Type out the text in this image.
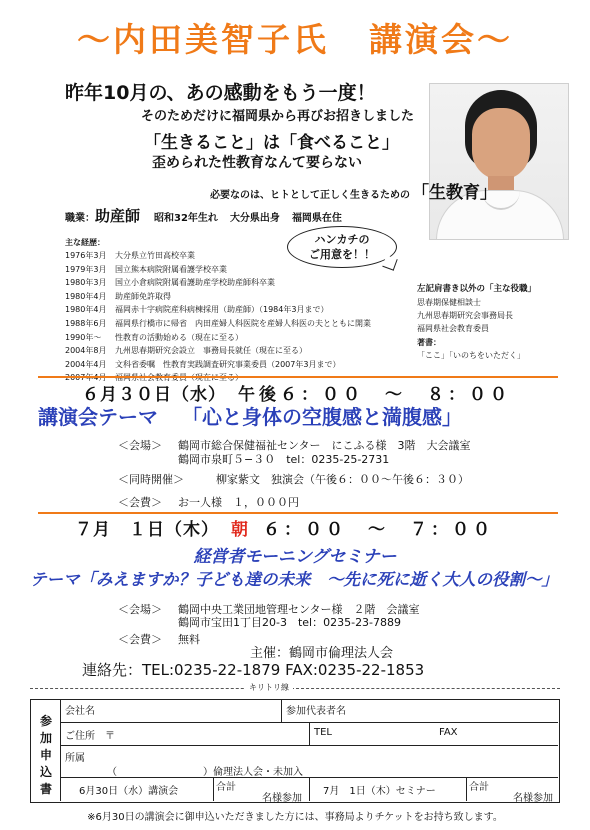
〜内田美智子氏 講演会〜
昨年10月の、あの感動をもう一度！
そのためだけに福岡県から再びお招きしました
「生きること」は「食べること」
歪められた性教育なんて要らない
必要なのは、ヒトとして正しく生きるための 「生教育」
職業：助産師 昭和32年生れ 大分県出身 福岡県在住
ハンカチの
ご用意を！！
主な経歴：
1976年3月 大分県立竹田高校卒業
1979年3月 国立熊本病院附属看護学校卒業
1980年3月 国立小倉病院附属看護助産学校助産師科卒業
1980年4月 助産師免許取得
1980年4月 福岡赤十字病院産科病棟採用（助産師）（1984年3月まで）
1988年6月 福岡県行橋市に帰省　内田産婦人科医院を産婦人科医の夫とともに開業
1990年〜 性教育の活動始める（現在に至る）
2004年8月 九州思春期研究会設立　事務局長就任（現在に至る）
2004年4月 文科省委嘱　性教育実践調査研究事業委員（2007年3月まで）
2007年4月 福岡県社会教育委員（現在に至る）
左記肩書き以外の「主な役職」
思春期保健相談士
九州思春期研究会事務局長
福岡県社会教育委員
著書：
「ここ」「いのちをいただく」
６月３０日（水） 午後６：００　〜　８：００
講演会テーマ 「心と身体の空腹感と満腹感」
＜会場＞ 鶴岡市総合保健福祉センター　にこふる様　3階　大会議室
鶴岡市泉町５−３０　tel：0235-25-2731
＜同時開催＞	柳家紫文　独演会（午後６：００〜午後６：３０）
＜会費＞ お一人様　１，０００円
７月　１日（木） 朝 ６：００　〜　７：００
経営者モーニングセミナー
テーマ「みえますか？子ども達の未来　〜先に死に逝く大人の役割〜」
＜会場＞ 鶴岡中央工業団地管理センター様　２階　会議室
鶴岡市宝田1丁目20-3　tel：0235-23-7889
＜会費＞ 無料
主催：鶴岡市倫理法人会
連絡先：TEL:0235-22-1879 FAX:0235-22-1853
キリトリ線
参
加
申
込
書
会社名	参加代表者名
ご住所　〒	TEL	FAX
所属
（	）倫理法人会・未加入
6月30日（水）講演会	合計
名様参加
7月　1日（木）セミナー	合計
名様参加
※6月30日の講演会に御申込いただきました方には、事務局よりチケットをお持ち致します。
